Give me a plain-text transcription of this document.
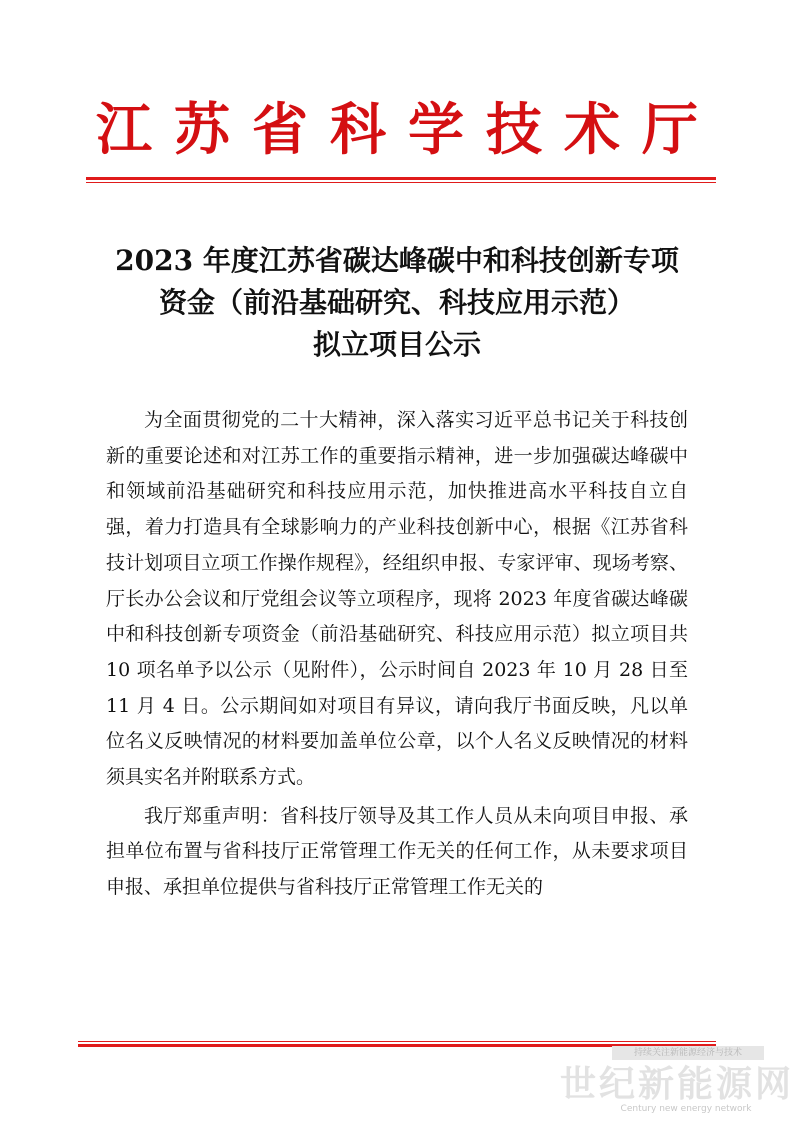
江苏省科学技术厅
2023 年度江苏省碳达峰碳中和科技创新专项
资金（前沿基础研究、科技应用示范）
拟立项目公示

为全面贯彻党的二十大精神，深入落实习近平总书记关于科技创新的重要论述和对江苏工作的重要指示精神，进一步加强碳达峰碳中和领域前沿基础研究和科技应用示范，加快推进高水平科技自立自强，着力打造具有全球影响力的产业科技创新中心，根据《江苏省科技计划项目立项工作操作规程》，经组织申报、专家评审、现场考察、厅长办公会议和厅党组会议等立项程序，现将 2023 年度省碳达峰碳中和科技创新专项资金（前沿基础研究、科技应用示范）拟立项目共 10 项名单予以公示（见附件），公示时间自 2023 年 10 月 28 日至 11 月 4 日。公示期间如对项目有异议，请向我厅书面反映，凡以单位名义反映情况的材料要加盖单位公章，以个人名义反映情况的材料须具实名并附联系方式。

我厅郑重声明：省科技厅领导及其工作人员从未向项目申报、承担单位布置与省科技厅正常管理工作无关的任何工作，从未要求项目申报、承担单位提供与省科技厅正常管理工作无关的

持续关注新能源经济与技术
世纪新能源网
Century new energy network
